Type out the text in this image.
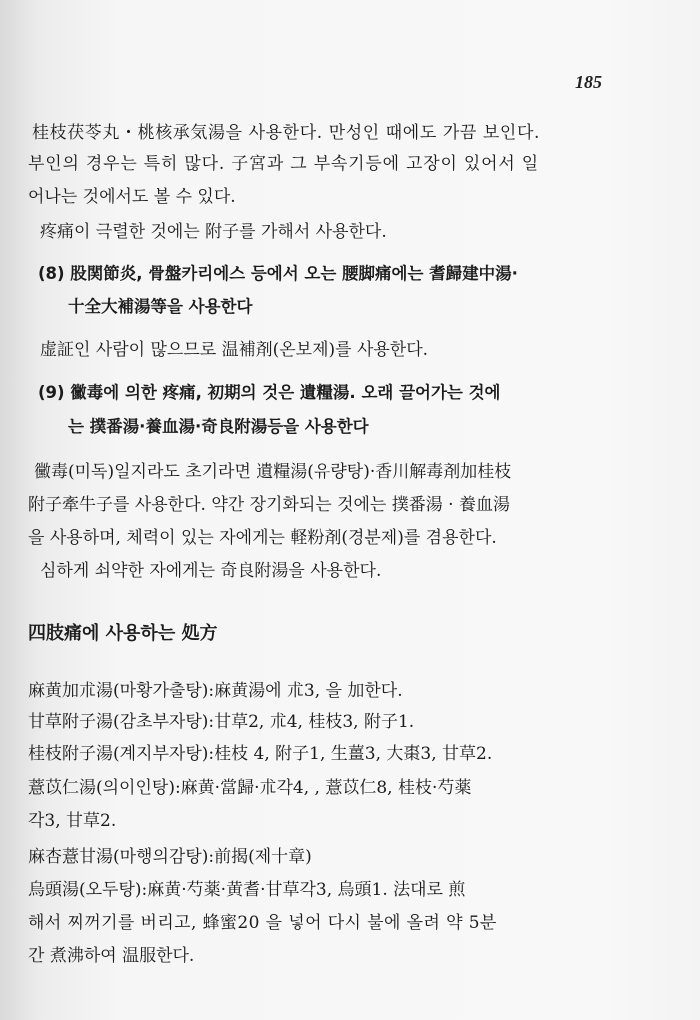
185
桂枝茯苓丸・桃核承気湯을 사용한다. 만성인 때에도 가끔 보인다.
부인의 경우는 특히 많다. 子宮과 그 부속기등에 고장이 있어서 일
어나는 것에서도 볼 수 있다.
疼痛이 극렬한 것에는 附子를 가해서 사용한다.
(8) 股関節炎, 骨盤카리에스 등에서 오는 腰脚痛에는 耆歸建中湯·
十全大補湯等을 사용한다
虚証인 사람이 많으므로 温補剤(온보제)를 사용한다.
(9) 黴毒에 의한 疼痛, 初期의 것은 遺糧湯. 오래 끌어가는 것에
는 撲番湯·養血湯·奇良附湯등을 사용한다
黴毒(미독)일지라도 초기라면 遺糧湯(유량탕)·香川解毒剤加桂枝
附子牽牛子를 사용한다. 약간 장기화되는 것에는 撲番湯 · 養血湯
을 사용하며, 체력이 있는 자에게는 軽粉剤(경분제)를 겸용한다.
심하게 쇠약한 자에게는 奇良附湯을 사용한다.
四肢痛에 사용하는 処方
麻黄加朮湯(마황가출탕):麻黄湯에 朮3, 을 加한다.
甘草附子湯(감초부자탕):甘草2, 朮4, 桂枝3, 附子1.
桂枝附子湯(계지부자탕):桂枝 4, 附子1, 生薑3, 大棗3, 甘草2.
薏苡仁湯(의이인탕):麻黄·當歸·朮각4, , 薏苡仁8, 桂枝·芍薬
각3, 甘草2.
麻杏薏甘湯(마행의감탕):前揭(제十章)
烏頭湯(오두탕):麻黄·芍薬·黄耆·甘草각3, 烏頭1. 法대로 煎
해서 찌꺼기를 버리고, 蜂蜜20 을 넣어 다시 불에 올려 약 5분
간 煮沸하여 温服한다.
